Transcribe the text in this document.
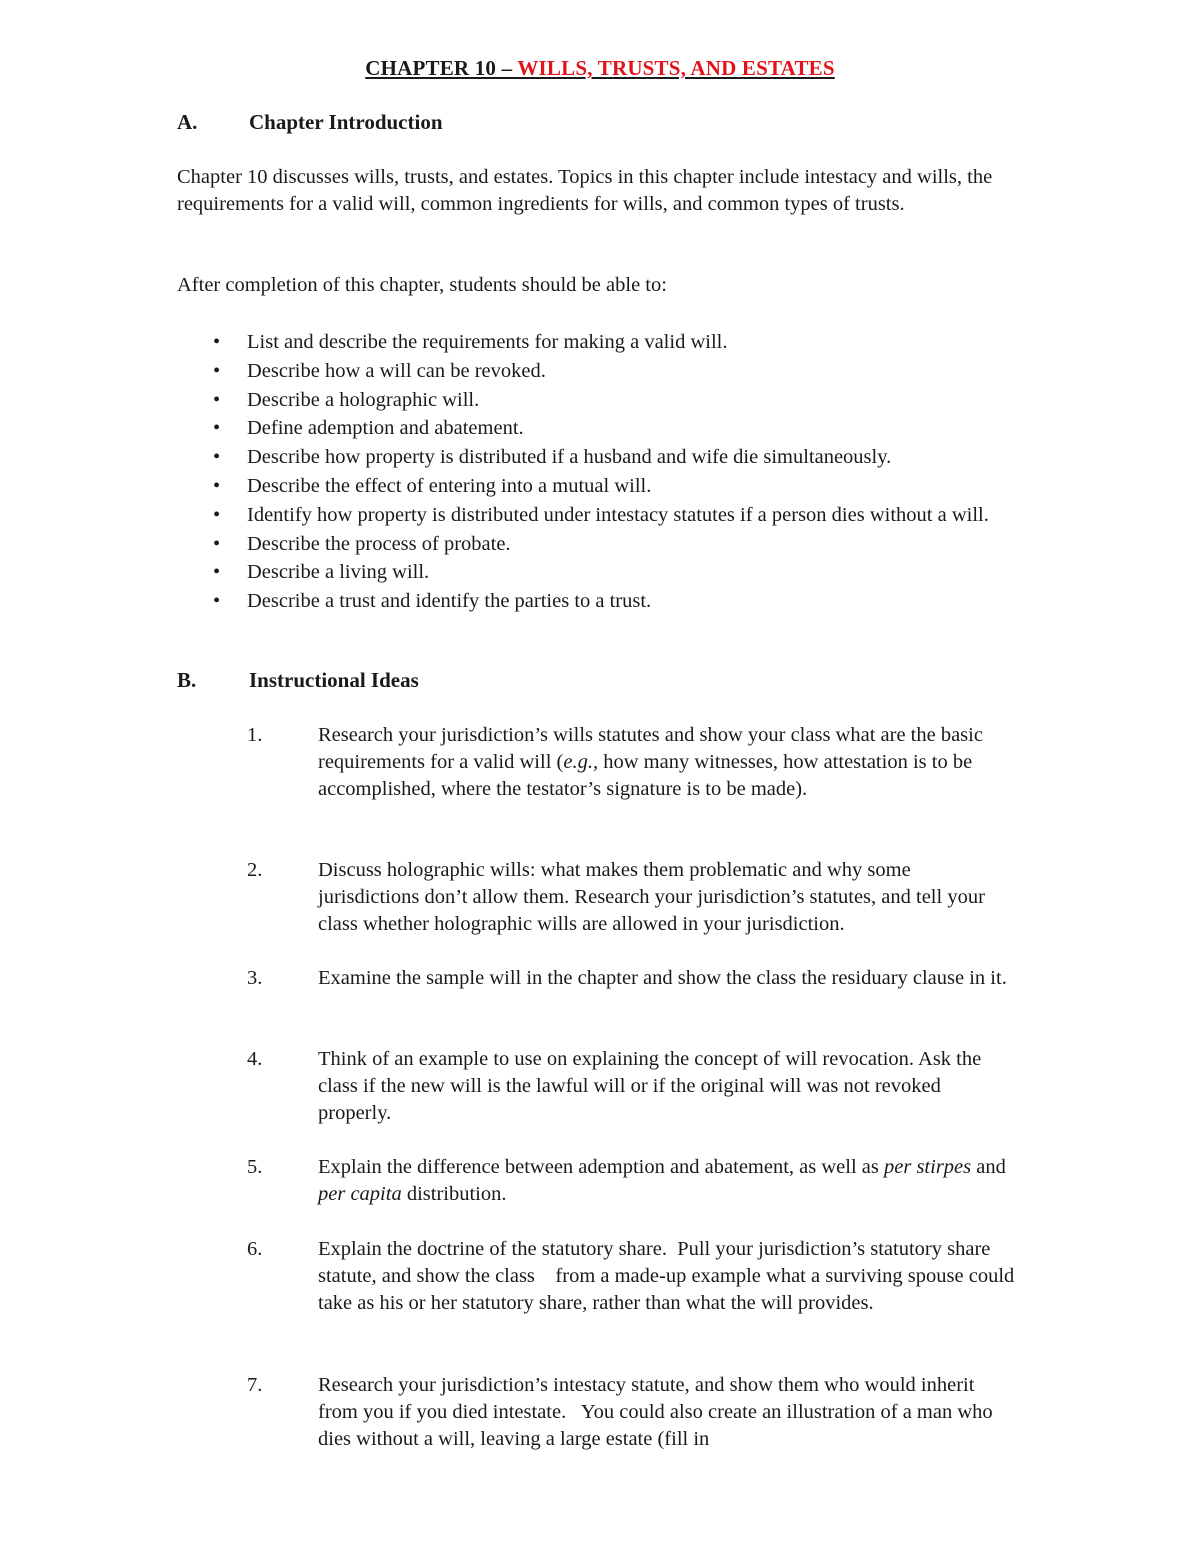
CHAPTER 10 – WILLS, TRUSTS, AND ESTATES
A. Chapter Introduction
Chapter 10 discusses wills, trusts, and estates. Topics in this chapter include intestacy and wills, the requirements for a valid will, common ingredients for wills, and common types of trusts.
After completion of this chapter, students should be able to:
• List and describe the requirements for making a valid will.
• Describe how a will can be revoked.
• Describe a holographic will.
• Define ademption and abatement.
• Describe how property is distributed if a husband and wife die simultaneously.
• Describe the effect of entering into a mutual will.
• Identify how property is distributed under intestacy statutes if a person dies without a will.
• Describe the process of probate.
• Describe a living will.
• Describe a trust and identify the parties to a trust.
B.	Instructional Ideas
1.	Research your jurisdiction’s wills statutes and show your class what are the basic requirements for a valid will (e.g., how many witnesses, how attestation is to be accomplished, where the testator’s signature is to be made).
2.	Discuss holographic wills: what makes them problematic and why some jurisdictions don’t allow them. Research your jurisdiction’s statutes, and tell your class whether holographic wills are allowed in your jurisdiction.
3.	Examine the sample will in the chapter and show the class the residuary clause in it.
4.	Think of an example to use on explaining the concept of will revocation. Ask the class if the new will is the lawful will or if the original will was not revoked properly.
5.	Explain the difference between ademption and abatement, as well as per stirpes and per capita distribution.
6.	Explain the doctrine of the statutory share.  Pull your jurisdiction’s statutory share statute, and show the class    from a made-up example what a surviving spouse could take as his or her statutory share, rather than what the will provides.
7.	Research your jurisdiction’s intestacy statute, and show them who would inherit from you if you died intestate.   You could also create an illustration of a man who dies without a will, leaving a large estate (fill in
